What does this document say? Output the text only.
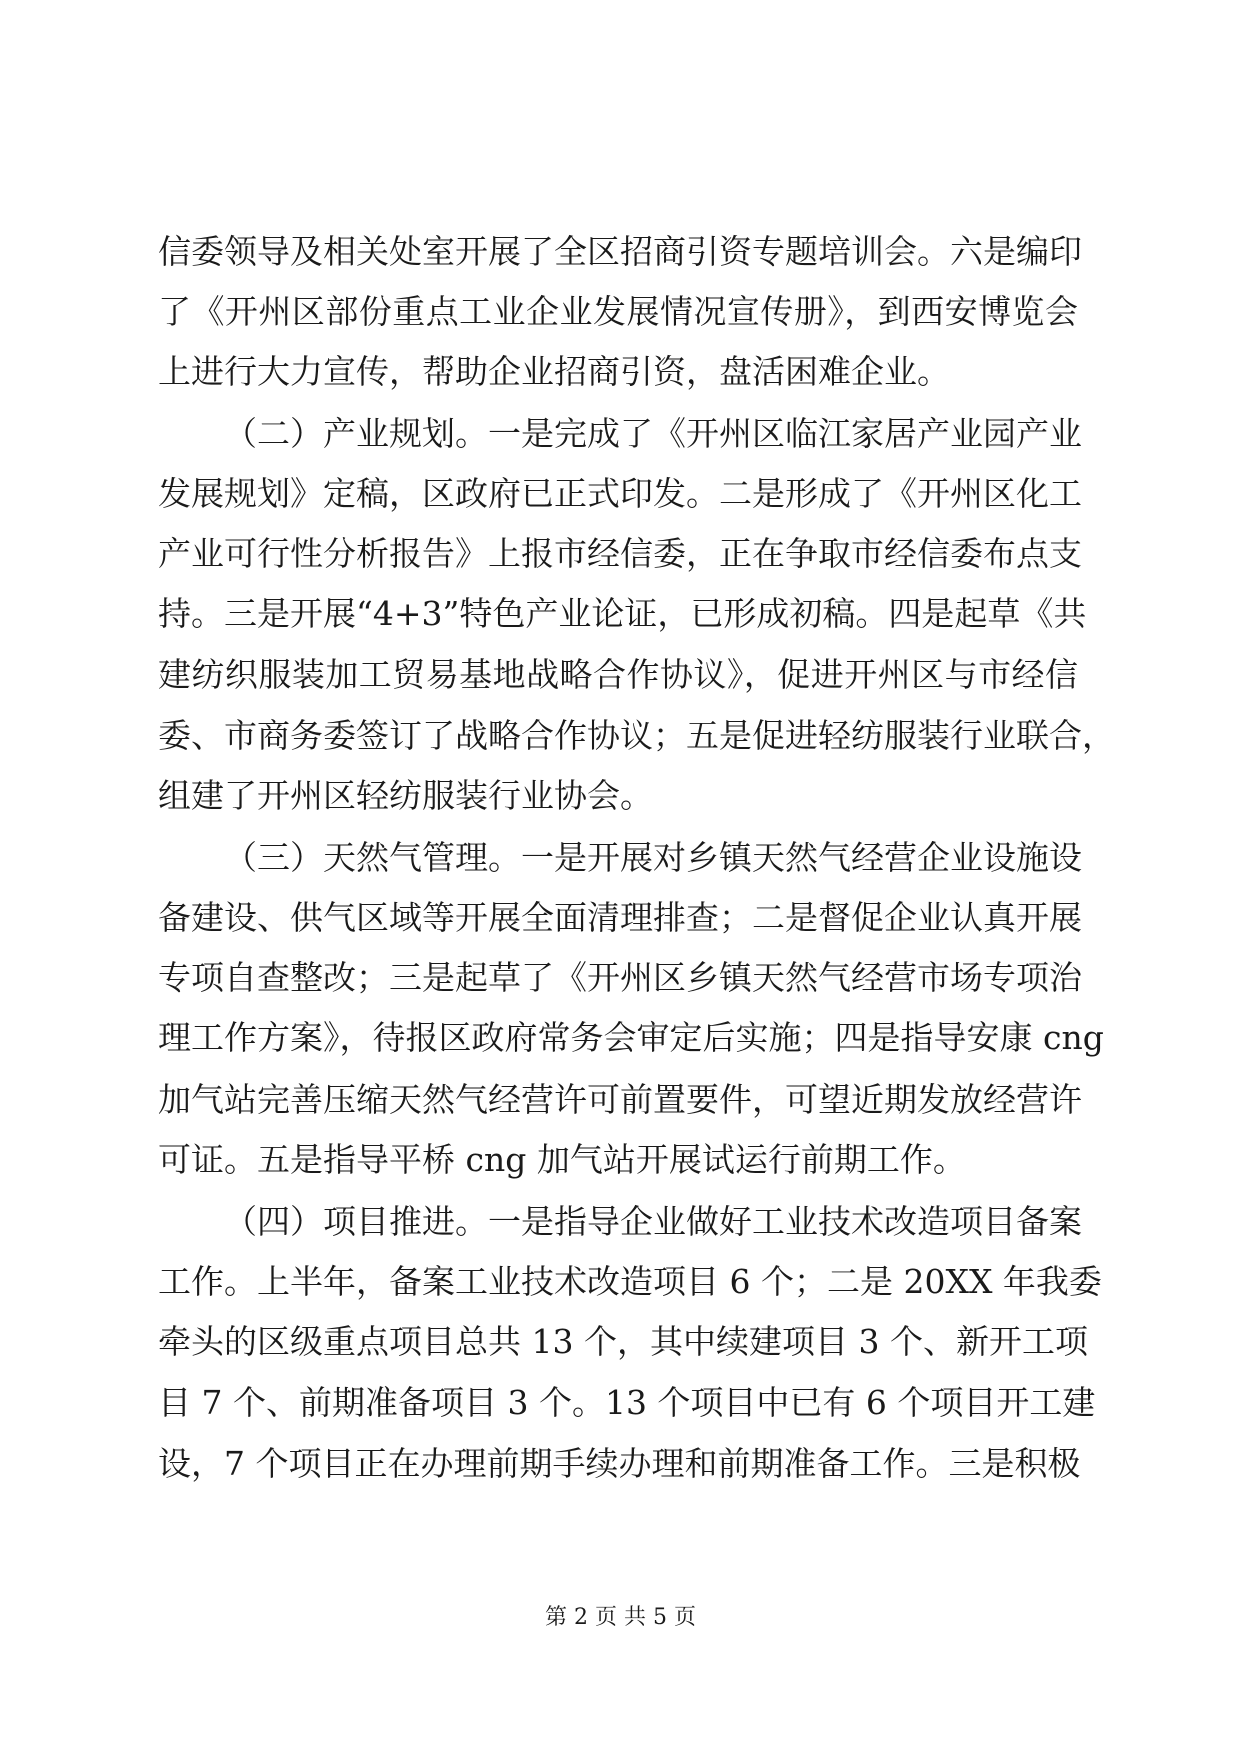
信委领导及相关处室开展了全区招商引资专题培训会。六是编印
了《开州区部份重点工业企业发展情况宣传册》，到西安博览会
上进行大力宣传，帮助企业招商引资，盘活困难企业。
（二）产业规划。一是完成了《开州区临江家居产业园产业
发展规划》定稿，区政府已正式印发。二是形成了《开州区化工
产业可行性分析报告》上报市经信委，正在争取市经信委布点支
持。三是开展“4+3”特色产业论证，已形成初稿。四是起草《共
建纺织服装加工贸易基地战略合作协议》，促进开州区与市经信
委、市商务委签订了战略合作协议；五是促进轻纺服装行业联合，
组建了开州区轻纺服装行业协会。
（三）天然气管理。一是开展对乡镇天然气经营企业设施设
备建设、供气区域等开展全面清理排查；二是督促企业认真开展
专项自查整改；三是起草了《开州区乡镇天然气经营市场专项治
理工作方案》，待报区政府常务会审定后实施；四是指导安康 cng
加气站完善压缩天然气经营许可前置要件，可望近期发放经营许
可证。五是指导平桥 cng 加气站开展试运行前期工作。
（四）项目推进。一是指导企业做好工业技术改造项目备案
工作。上半年，备案工业技术改造项目 6 个；二是 20XX 年我委
牵头的区级重点项目总共 13 个，其中续建项目 3 个、新开工项
目 7 个、前期准备项目 3 个。13 个项目中已有 6 个项目开工建
设，7 个项目正在办理前期手续办理和前期准备工作。三是积极
第 2 页 共 5 页
